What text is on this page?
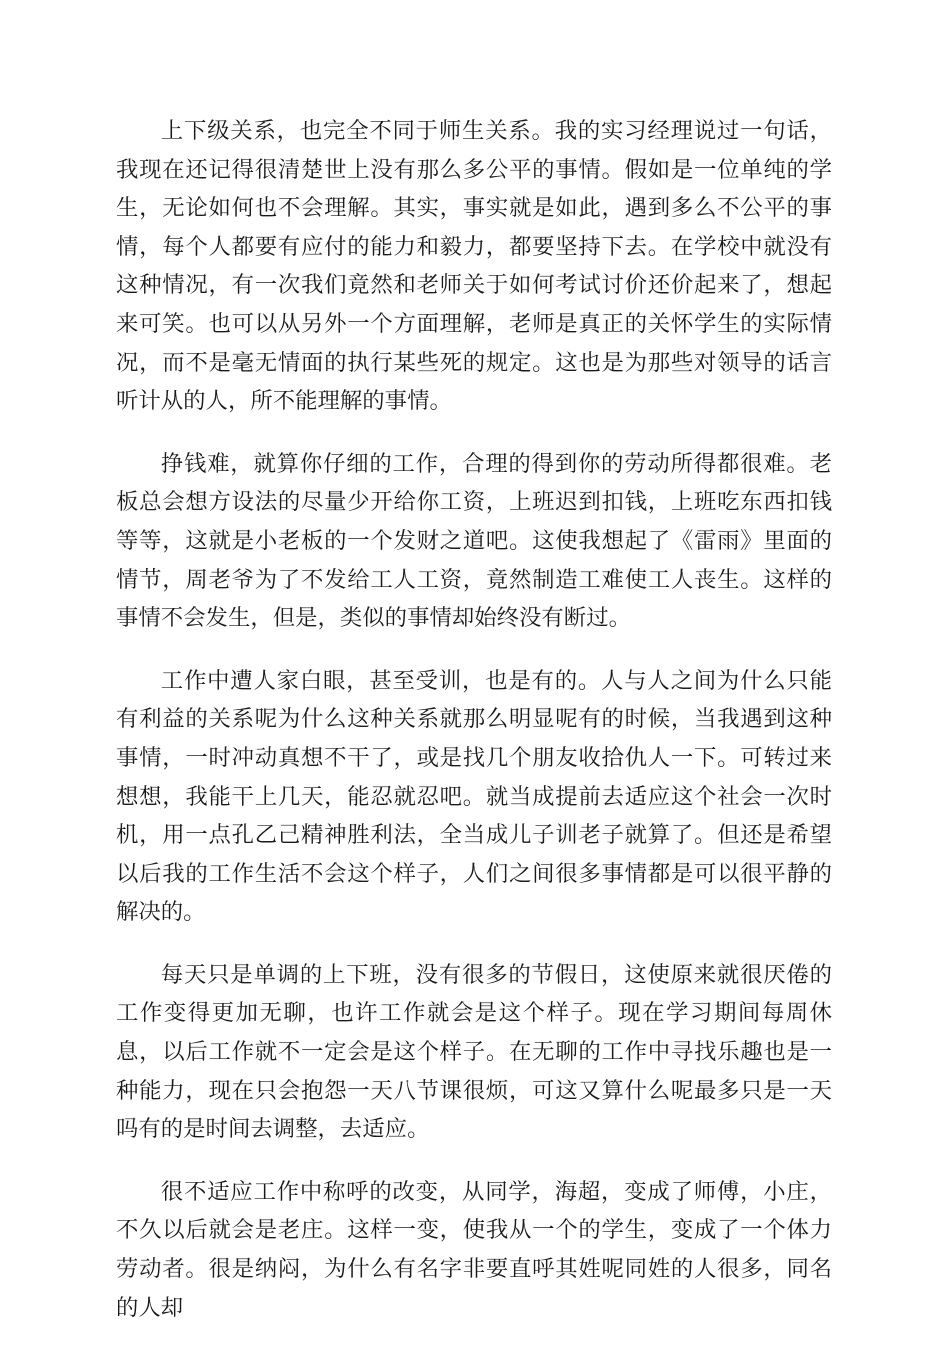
上下级关系，也完全不同于师生关系。我的实习经理说过一句话，我现在还记得很清楚世上没有那么多公平的事情。假如是一位单纯的学生，无论如何也不会理解。其实，事实就是如此，遇到多么不公平的事情，每个人都要有应付的能力和毅力，都要坚持下去。在学校中就没有这种情况，有一次我们竟然和老师关于如何考试讨价还价起来了，想起来可笑。也可以从另外一个方面理解，老师是真正的关怀学生的实际情况，而不是毫无情面的执行某些死的规定。这也是为那些对领导的话言听计从的人，所不能理解的事情。

挣钱难，就算你仔细的工作，合理的得到你的劳动所得都很难。老板总会想方设法的尽量少开给你工资，上班迟到扣钱，上班吃东西扣钱等等，这就是小老板的一个发财之道吧。这使我想起了《雷雨》里面的情节，周老爷为了不发给工人工资，竟然制造工难使工人丧生。这样的事情不会发生，但是，类似的事情却始终没有断过。

工作中遭人家白眼，甚至受训，也是有的。人与人之间为什么只能有利益的关系呢为什么这种关系就那么明显呢有的时候，当我遇到这种事情，一时冲动真想不干了，或是找几个朋友收拾仇人一下。可转过来想想，我能干上几天，能忍就忍吧。就当成提前去适应这个社会一次时机，用一点孔乙己精神胜利法，全当成儿子训老子就算了。但还是希望以后我的工作生活不会这个样子，人们之间很多事情都是可以很平静的解决的。

每天只是单调的上下班，没有很多的节假日，这使原来就很厌倦的工作变得更加无聊，也许工作就会是这个样子。现在学习期间每周休息，以后工作就不一定会是这个样子。在无聊的工作中寻找乐趣也是一种能力，现在只会抱怨一天八节课很烦，可这又算什么呢最多只是一天吗有的是时间去调整，去适应。

很不适应工作中称呼的改变，从同学，海超，变成了师傅，小庄，不久以后就会是老庄。这样一变，使我从一个的学生，变成了一个体力劳动者。很是纳闷，为什么有名字非要直呼其姓呢同姓的人很多，同名的人却
